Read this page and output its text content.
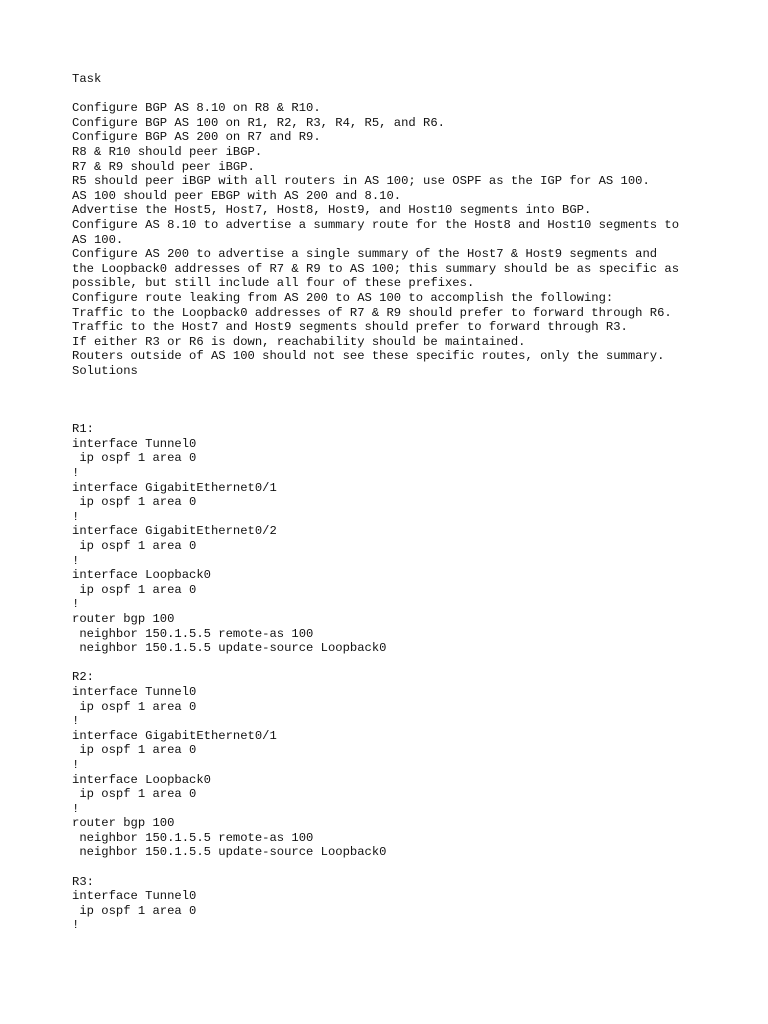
Task
Configure BGP AS 8.10 on R8 & R10.
Configure BGP AS 100 on R1, R2, R3, R4, R5, and R6.
Configure BGP AS 200 on R7 and R9.
R8 & R10 should peer iBGP.
R7 & R9 should peer iBGP.
R5 should peer iBGP with all routers in AS 100; use OSPF as the IGP for AS 100.
AS 100 should peer EBGP with AS 200 and 8.10.
Advertise the Host5, Host7, Host8, Host9, and Host10 segments into BGP.
Configure AS 8.10 to advertise a summary route for the Host8 and Host10 segments to
AS 100.
Configure AS 200 to advertise a single summary of the Host7 & Host9 segments and
the Loopback0 addresses of R7 & R9 to AS 100; this summary should be as specific as
possible, but still include all four of these prefixes.
Configure route leaking from AS 200 to AS 100 to accomplish the following:
Traffic to the Loopback0 addresses of R7 & R9 should prefer to forward through R6.
Traffic to the Host7 and Host9 segments should prefer to forward through R3.
If either R3 or R6 is down, reachability should be maintained.
Routers outside of AS 100 should not see these specific routes, only the summary.
Solutions
R1:
interface Tunnel0
ip ospf 1 area 0
!
interface GigabitEthernet0/1
ip ospf 1 area 0
!
interface GigabitEthernet0/2
ip ospf 1 area 0
!
interface Loopback0
ip ospf 1 area 0
!
router bgp 100
neighbor 150.1.5.5 remote-as 100
neighbor 150.1.5.5 update-source Loopback0
R2:
interface Tunnel0
ip ospf 1 area 0
!
interface GigabitEthernet0/1
ip ospf 1 area 0
!
interface Loopback0
ip ospf 1 area 0
!
router bgp 100
neighbor 150.1.5.5 remote-as 100
neighbor 150.1.5.5 update-source Loopback0
R3:
interface Tunnel0
ip ospf 1 area 0
!
